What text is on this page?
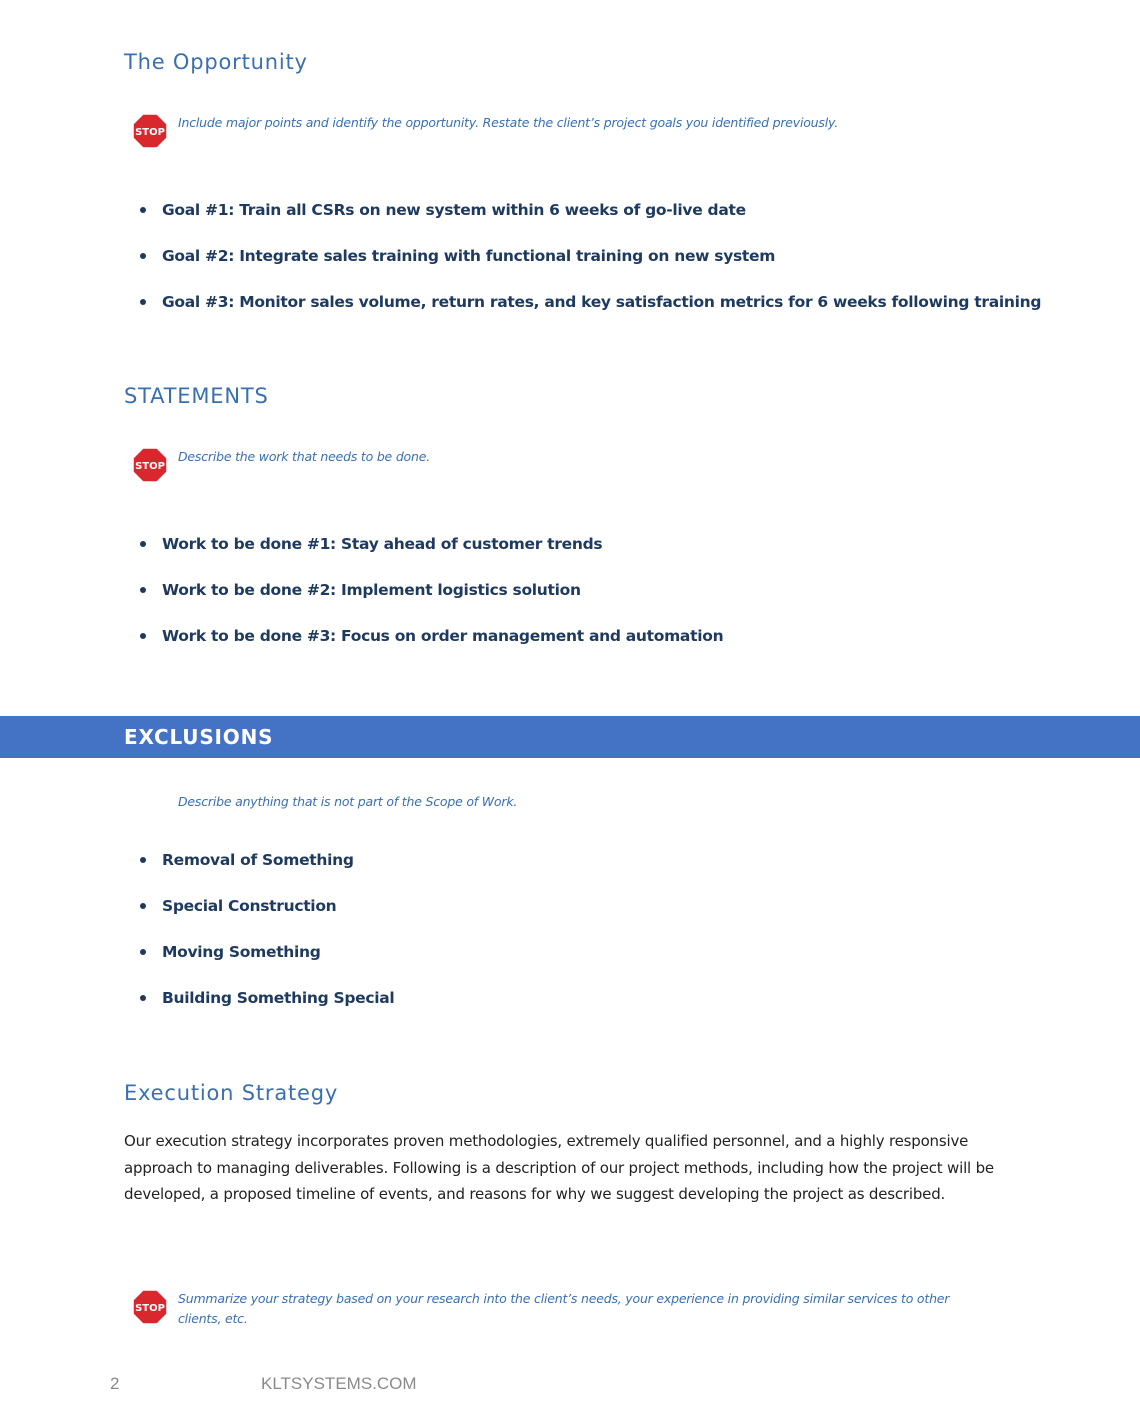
The Opportunity
STOP
Include major points and identify the opportunity. Restate the client’s project goals you identified previously.
Goal #1: Train all CSRs on new system within 6 weeks of go-live date
Goal #2: Integrate sales training with functional training on new system
Goal #3: Monitor sales volume, return rates, and key satisfaction metrics for 6 weeks following training
STATEMENTS
STOP
Describe the work that needs to be done.
Work to be done #1: Stay ahead of customer trends
Work to be done #2: Implement logistics solution
Work to be done #3: Focus on order management and automation
EXCLUSIONS
Describe anything that is not part of the Scope of Work.
Removal of Something
Special Construction
Moving Something
Building Something Special
Execution Strategy

Our execution strategy incorporates proven methodologies, extremely qualified personnel, and a highly responsive approach to managing deliverables. Following is a description of our project methods, including how the project will be developed, a proposed timeline of events, and reasons for why we suggest developing the project as described.

STOP
Summarize your strategy based on your research into the client’s needs, your experience in providing similar services to other clients, etc.
2	KLTSYSTEMS.COM
